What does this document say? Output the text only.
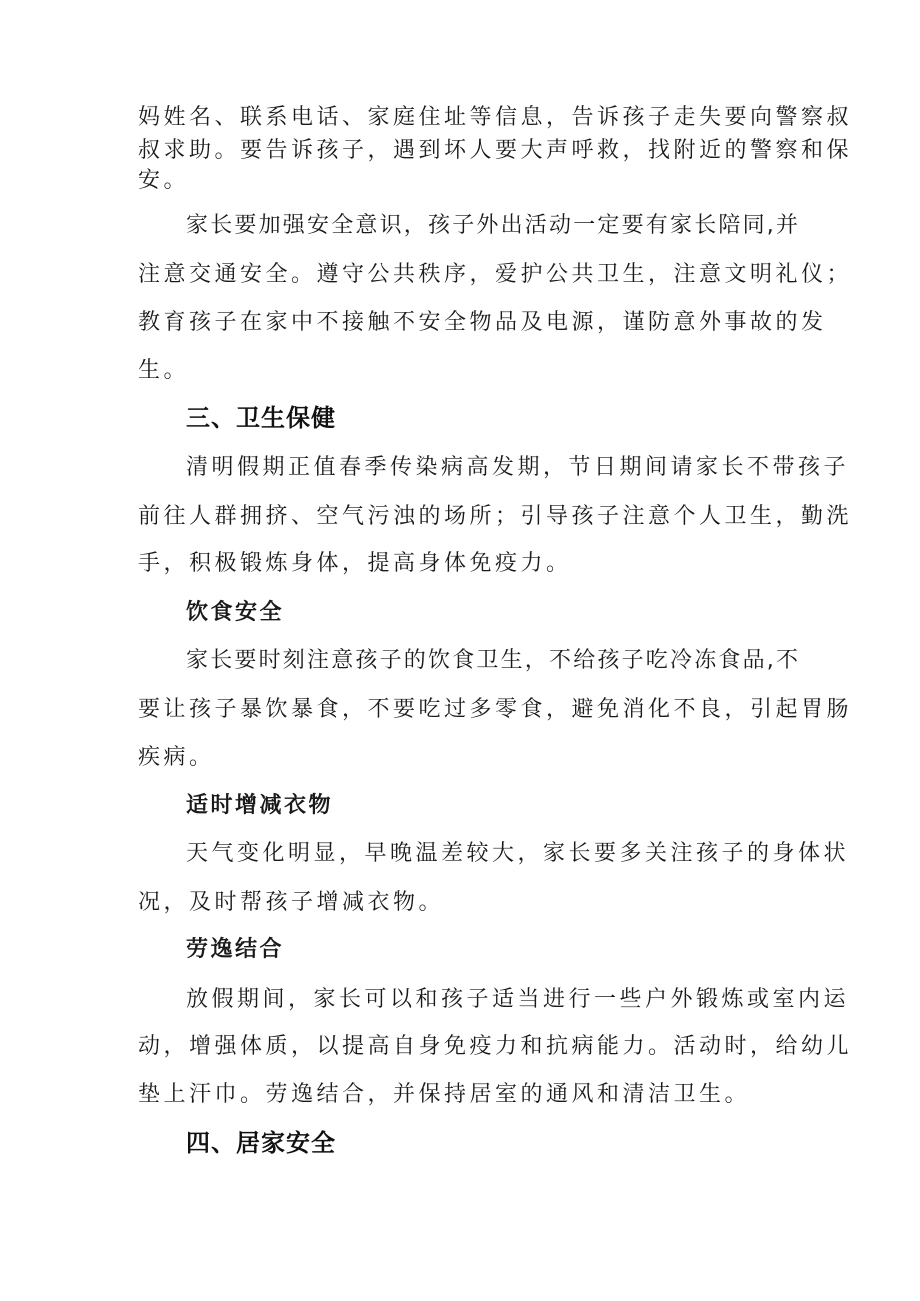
妈姓名、联系电话、家庭住址等信息，告诉孩子走失要向警察叔

叔求助。要告诉孩子，遇到坏人要大声呼救，找附近的警察和保

安。

家长要加强安全意识，孩子外出活动一定要有家长陪同,并

注意交通安全。遵守公共秩序，爱护公共卫生，注意文明礼仪；

教育孩子在家中不接触不安全物品及电源，谨防意外事故的发

生。

三、卫生保健

清明假期正值春季传染病高发期，节日期间请家长不带孩子

前往人群拥挤、空气污浊的场所；引导孩子注意个人卫生，勤洗

手，积极锻炼身体，提高身体免疫力。

饮食安全

家长要时刻注意孩子的饮食卫生，不给孩子吃冷冻食品,不

要让孩子暴饮暴食，不要吃过多零食，避免消化不良，引起胃肠

疾病。

适时增减衣物

天气变化明显，早晚温差较大，家长要多关注孩子的身体状

况，及时帮孩子增减衣物。

劳逸结合

放假期间，家长可以和孩子适当进行一些户外锻炼或室内运

动，增强体质，以提高自身免疫力和抗病能力。活动时，给幼儿

垫上汗巾。劳逸结合，并保持居室的通风和清洁卫生。

四、居家安全
